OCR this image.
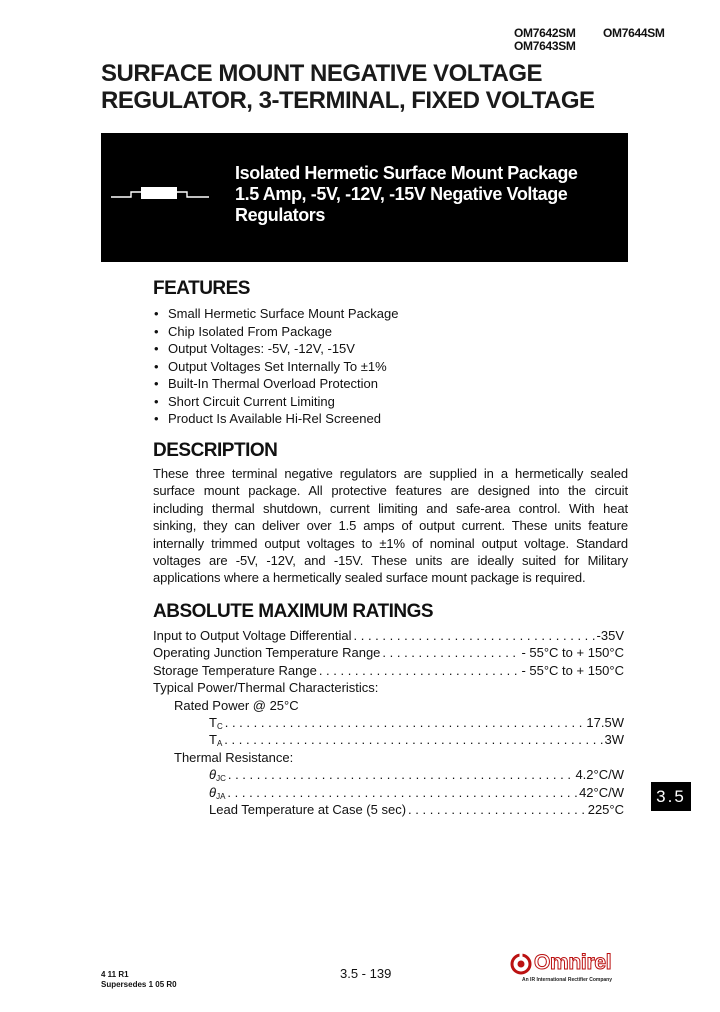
OM7642SM OM7644SM
OM7643SM
SURFACE MOUNT NEGATIVE VOLTAGE
REGULATOR, 3-TERMINAL, FIXED VOLTAGE
Isolated Hermetic Surface Mount Package
1.5 Amp, -5V, -12V, -15V Negative Voltage
Regulators
FEATURES
• Small Hermetic Surface Mount Package
• Chip Isolated From Package
• Output Voltages: -5V, -12V, -15V
• Output Voltages Set Internally To ±1%
• Built-In Thermal Overload Protection
• Short Circuit Current Limiting
• Product Is Available Hi-Rel Screened
DESCRIPTION

These three terminal negative regulators are supplied in a hermetically sealed surface mount package. All protective features are designed into the circuit including thermal shutdown, current limiting and safe-area control. With heat sinking, they can deliver over 1.5 amps of output current. These units feature internally trimmed output voltages to ±1% of nominal output voltage. Standard voltages are -5V, -12V, and -15V. These units are ideally suited for Military applications where a hermetically sealed surface mount package is required.

ABSOLUTE MAXIMUM RATINGS
Input to Output Voltage Differential . . .	-35V
Operating Junction Temperature Range . . .	- 55°C to + 150°C
Storage Temperature Range . . .	- 55°C to + 150°C
Typical Power/Thermal Characteristics:
Rated Power @ 25°C
$T_C$ . . .	17.5W
$T_A$ . . .	3W
Thermal Resistance:
$\theta_{JC}$ . . .	4.2°C/W
$\theta_{JA}$ . . .	42°C/W
Lead Temperature at Case (5 sec) . . .	225°C
3.5
4 11 R1
Supersedes 1 05 R0
3.5 - 139	Omnirel
An IR International Rectifier Company
